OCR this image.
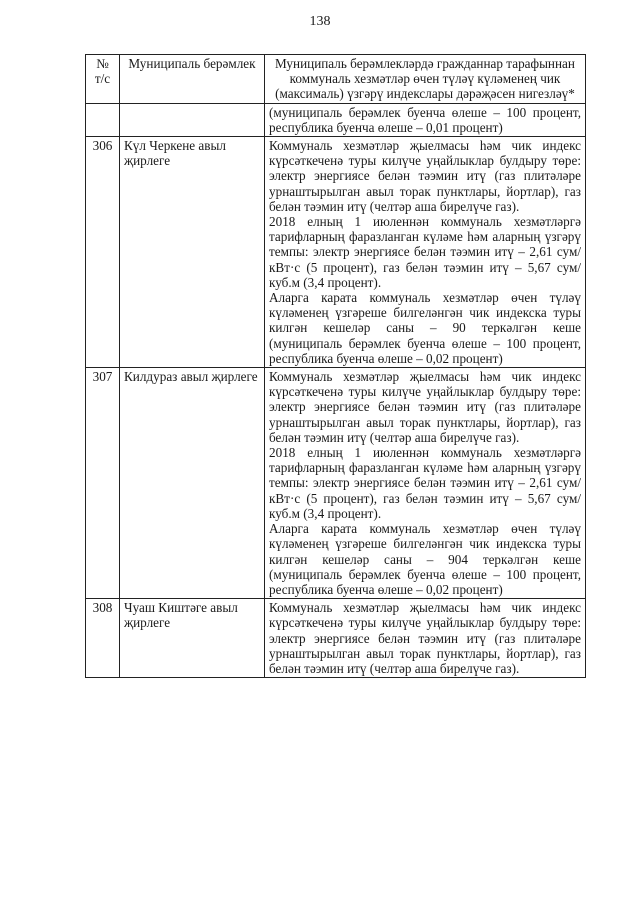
138
№ т/с	Муниципаль берәмлек	Муниципаль берәмлекләрдә гражданнар тарафыннан коммуналь хезмәтләр өчен түләү күләменең чик (максималь) үзгәрү индекслары дәрәҗәсен нигезләү*

		(муниципаль берәмлек буенча өлеше – 100 процент, республика буенча өлеше – 0,01 процент)

306	Күл Черкене авыл җирлеге	Коммуналь хезмәтләр җыелмасы һәм чик индекс күрсәткеченә туры килүче уңайлыклар булдыру төре: электр энергиясе белән тәэмин итү (газ плитәләре урнаштырылган авыл торак пунктлары, йортлар), газ белән тәэмин итү (челтәр аша бирелүче газ).

2018 елның 1 июленнән коммуналь хезмәтләргә тарифларның фаразланган күләме һәм аларның үзгәрү темпы: электр энергиясе белән тәэмин итү – 2,61 сум/кВт·с (5 процент), газ белән тәэмин итү – 5,67 сум/куб.м (3,4 процент).

Аларга карата коммуналь хезмәтләр өчен түләү күләменең үзгәреше билгеләнгән чик индекска туры килгән кешеләр саны – 90 теркәлгән кеше (муниципаль берәмлек буенча өлеше – 100 процент, республика буенча өлеше – 0,02 процент)

307	Килдураз авыл җирлеге	Коммуналь хезмәтләр җыелмасы һәм чик индекс күрсәткеченә туры килүче уңайлыклар булдыру төре: электр энергиясе белән тәэмин итү (газ плитәләре урнаштырылган авыл торак пунктлары, йортлар), газ белән тәэмин итү (челтәр аша бирелүче газ).

2018 елның 1 июленнән коммуналь хезмәтләргә тарифларның фаразланган күләме һәм аларның үзгәрү темпы: электр энергиясе белән тәэмин итү – 2,61 сум/кВт·с (5 процент), газ белән тәэмин итү – 5,67 сум/куб.м (3,4 процент).

Аларга карата коммуналь хезмәтләр өчен түләү күләменең үзгәреше билгеләнгән чик индекска туры килгән кешеләр саны – 904 теркәлгән кеше (муниципаль берәмлек буенча өлеше – 100 процент, республика буенча өлеше – 0,02 процент)

308	Чуаш Киштәге авыл җирлеге	Коммуналь хезмәтләр җыелмасы һәм чик индекс күрсәткеченә туры килүче уңайлыклар булдыру төре: электр энергиясе белән тәэмин итү (газ плитәләре урнаштырылган авыл торак пунктлары, йортлар), газ белән тәэмин итү (челтәр аша бирелүче газ).
